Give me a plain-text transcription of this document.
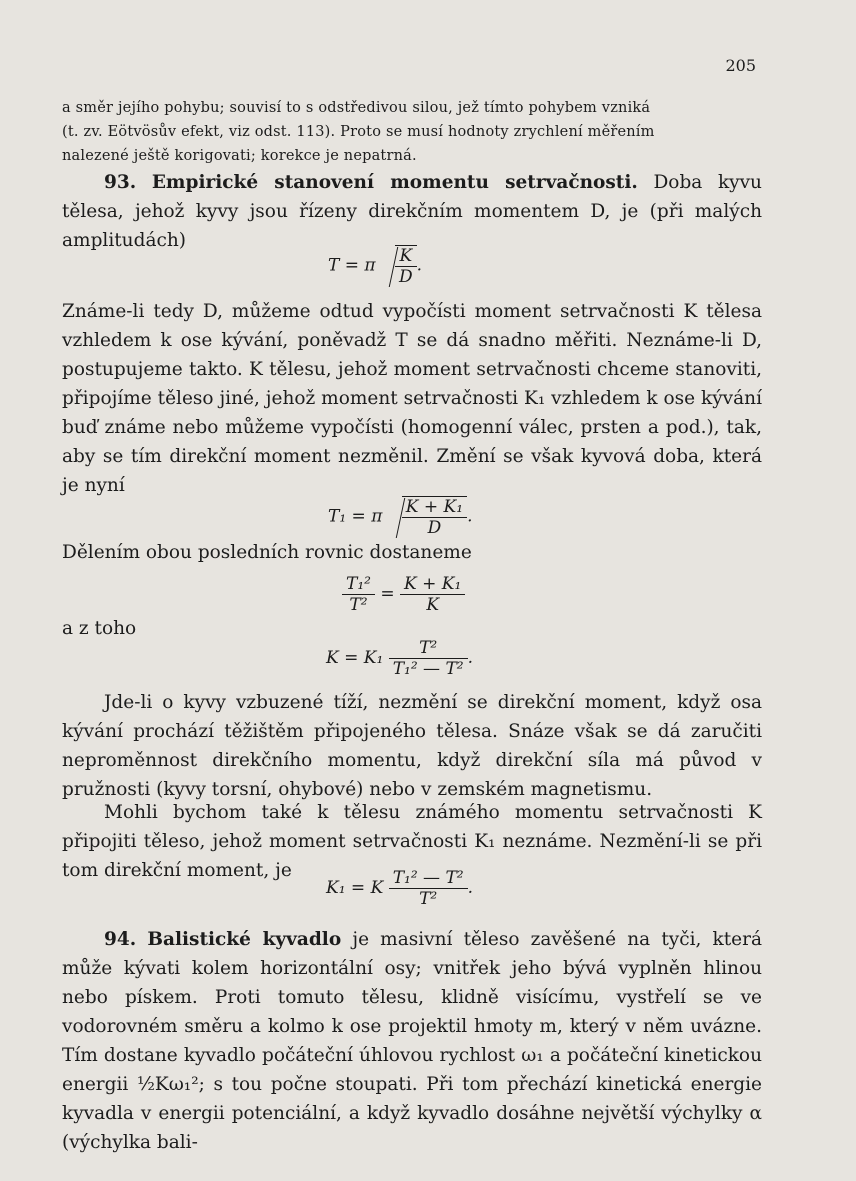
205
a směr jejího pohybu; souvisí to s odstředivou silou, jež tímto pohybem vzniká
(t. zv. Eötvösův efekt, viz odst. 113). Proto se musí hodnoty zrychlení měřením
nalezené ještě korigovati; korekce je nepatrná.

93. Empirické stanovení momentu setrvačnosti. Doba kyvu tělesa, jehož kyvy jsou řízeny direkčním momentem D, je (při malých amplitudách)

T = π $\frac{K}{D}$ .

Známe-li tedy D, můžeme odtud vypočísti moment setrvačnosti K tělesa vzhledem k ose kývání, poněvadž T se dá snadno měřiti. Neznáme-li D, postupujeme takto. K tělesu, jehož moment setrvačnosti chceme stanoviti, připojíme těleso jiné, jehož moment setrvačnosti K₁ vzhledem k ose kývání buď známe nebo můžeme vypočísti (homogenní válec, prsten a pod.), tak, aby se tím direkční moment nezměnil. Změní se však kyvová doba, která je nyní

T₁ = π $\frac{\text{K + K₁}}{D}$ .

Dělením obou posledních rovnic dostaneme

$\frac{\text{T₁²}}{\text{T²}} = \frac{\text{K + K₁}}{K}$

a z toho

$K = K_1 \frac{\text{T²}}{\text{T₁² — T²}}$ .

Jde-li o kyvy vzbuzené tíží, nezmění se direkční moment, když osa kývání prochází těžištěm připojeného tělesa. Snáze však se dá zaručiti neproměnnost direkčního momentu, když direkční síla má původ v pružnosti (kyvy torsní, ohybové) nebo v zemském magnetismu.

Mohli bychom také k tělesu známého momentu setrvačnosti K připojiti těleso, jehož moment setrvačnosti K₁ neznáme. Nezmění-li se při tom direkční moment, je

K₁ = K $\frac{\text{T₁² — T²}}{\text{T²}}$ .

94. Balistické kyvadlo je masivní těleso zavěšené na tyči, která může kývati kolem horizontální osy; vnitřek jeho bývá vyplněn hlinou nebo pískem. Proti tomuto tělesu, klidně visícímu, vystřelí se ve vodorovném směru a kolmo k ose projektil hmoty m, který v něm uvázne. Tím dostane kyvadlo počáteční úhlovou rychlost ω₁ a počáteční kinetickou energii ½Kω₁²; s tou počne stoupati. Při tom přechází kinetická energie kyvadla v energii potenciální, a když kyvadlo dosáhne největší výchylky α (výchylka bali-
